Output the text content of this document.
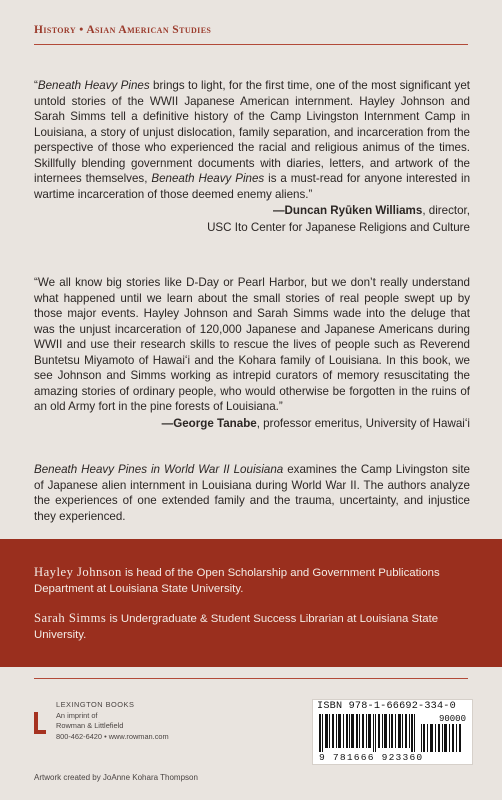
History • Asian American Studies

“Beneath Heavy Pines brings to light, for the first time, one of the most significant yet untold stories of the WWII Japanese American internment. Hayley Johnson and Sarah Simms tell a definitive history of the Camp Livingston Internment Camp in Louisiana, a story of unjust dislocation, family separation, and incarceration from the perspective of those who experienced the racial and religious animus of the times. Skillfully blending government documents with diaries, letters, and artwork of the internees themselves, Beneath Heavy Pines is a must-read for anyone interested in wartime incarceration of those deemed enemy aliens.”

—Duncan Ryūken Williams, director,
USC Ito Center for Japanese Religions and Culture

“We all know big stories like D-Day or Pearl Harbor, but we don’t really understand what happened until we learn about the small stories of real people swept up by those major events. Hayley Johnson and Sarah Simms wade into the deluge that was the unjust incarceration of 120,000 Japanese and Japanese Americans during WWII and use their research skills to rescue the lives of people such as Reverend Buntetsu Miyamoto of Hawaiʻi and the Kohara family of Louisiana. In this book, we see Johnson and Simms working as intrepid curators of memory resuscitating the amazing stories of ordinary people, who would otherwise be forgotten in the ruins of an old Army fort in the pine forests of Louisiana.”

—George Tanabe, professor emeritus, University of Hawaiʻi
Beneath Heavy Pines in World War II Louisiana examines the Camp Livingston site of Japanese alien internment in Louisiana during World War II. The authors analyze the experiences of one extended family and the trauma, uncertainty, and injustice they experienced.
Hayley Johnson is head of the Open Scholarship and Government Publications Department at Louisiana State University.
Sarah Simms is Undergraduate & Student Success Librarian at Louisiana State University.
LEXINGTON BOOKS
An imprint of
Rowman & Littlefield
800-462-6420 • www.rowman.com
ISBN 978-1-66692-334-0
90000
9 781666 923360
Artwork created by JoAnne Kohara Thompson
